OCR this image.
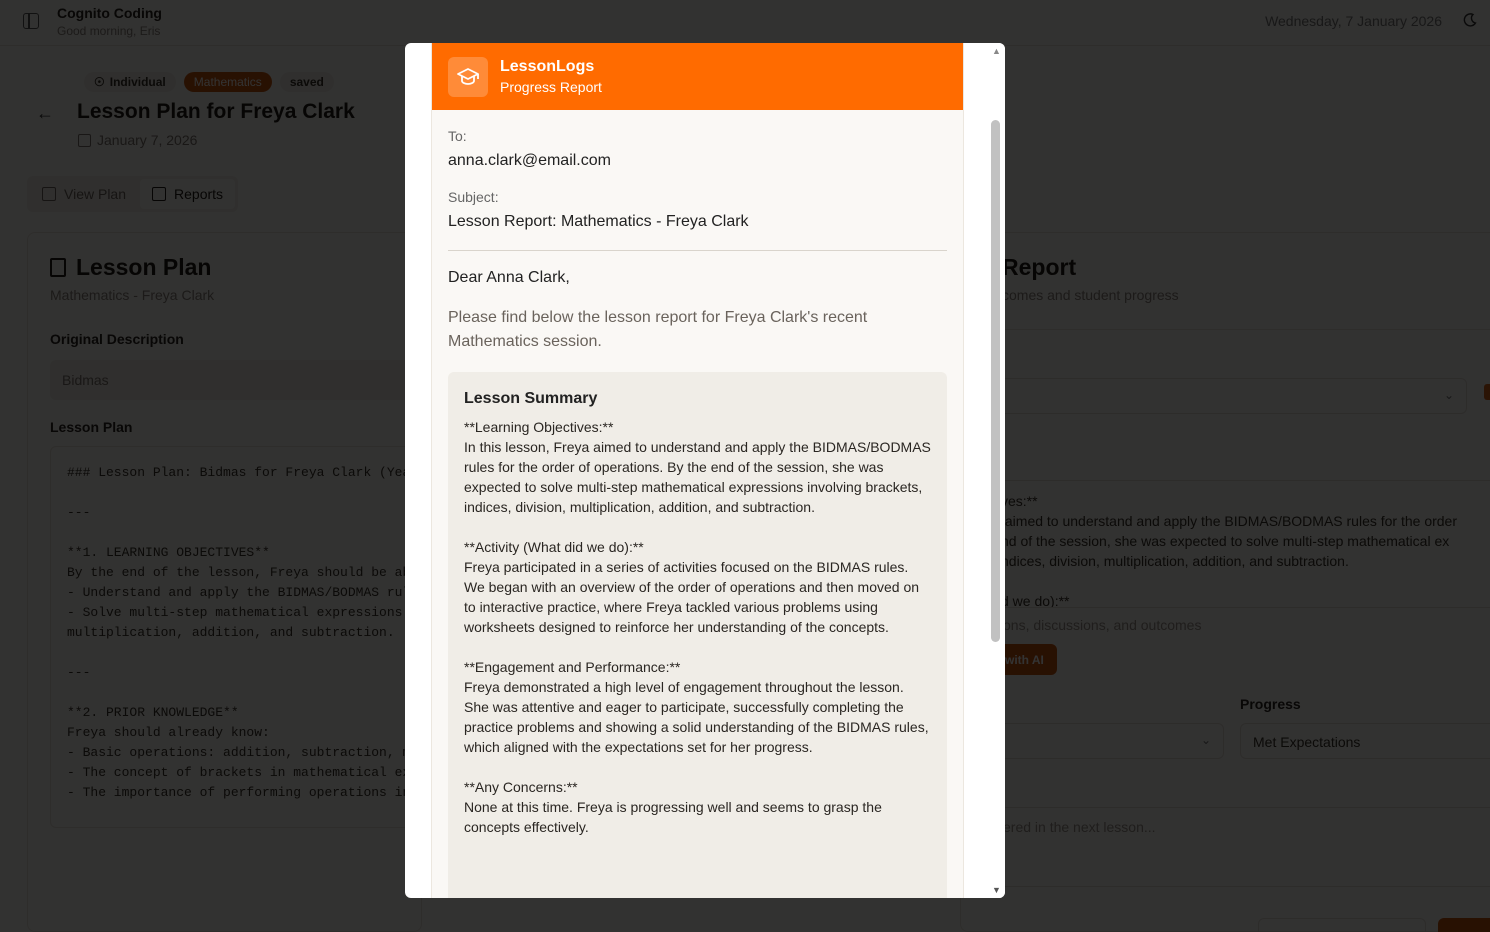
LessonLogs
Progress Report
To:
anna.clark@email.com
Subject:
Lesson Report: Mathematics - Freya Clark
Dear Anna Clark,
Please find below the lesson report for Freya Clark's recent Mathematics session.
Lesson Summary
**Learning Objectives:**
In this lesson, Freya aimed to understand and apply the BIDMAS/BODMAS rules for the order of operations. By the end of the session, she was expected to solve multi-step mathematical expressions involving brackets, indices, division, multiplication, addition, and subtraction.

**Activity (What did we do):**
Freya participated in a series of activities focused on the BIDMAS rules. We began with an overview of the order of operations and then moved on to interactive practice, where Freya tackled various problems using worksheets designed to reinforce her understanding of the concepts.

**Engagement and Performance:**
Freya demonstrated a high level of engagement throughout the lesson. She was attentive and eager to participate, successfully completing the practice problems and showing a solid understanding of the BIDMAS rules, which aligned with the expectations set for her progress.

**Any Concerns:**
None at this time. Freya is progressing well and seems to grasp the concepts effectively.
▲
▼
